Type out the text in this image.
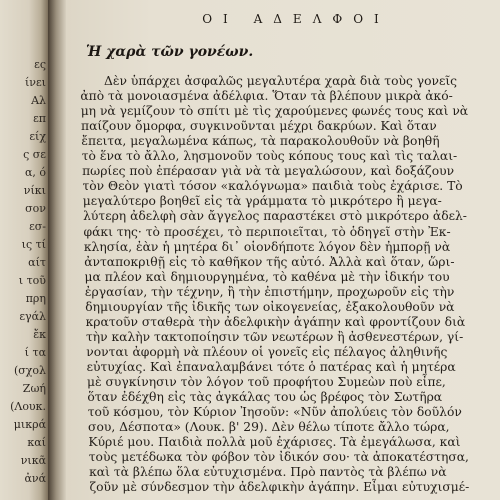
ες
ίνει
Αλ
επ
είχ
ς σε
α, ό
νίκι
σον
εσ-
ις τί
αίτ
ι τοῦ
πρη
εγάλ
ἔκ
ί τα
(σχολ
Ζωή
(Λουκ.
μικρά
καί
νικᾶ
ἀνά
ΟΙ ΑΔΕΛΦΟΙ
Ἡ χαρὰ τῶν γονέων.
Δὲν ὑπάρχει ἀσφαλῶς μεγαλυτέρα χαρὰ διὰ τοὺς γονεῖς
ἀπὸ τὰ μονοιασμένα ἀδέλφια. Ὅταν τὰ βλέπουν μικρὰ ἀκό-
μη νὰ γεμίζουν τὸ σπίτι μὲ τὶς χαρούμενες φωνές τους καὶ νὰ
παίζουν ὄμορφα, συγκινοῦνται μέχρι δακρύων. Καὶ ὅταν
ἔπειτα, μεγαλωμένα κάπως, τὰ παρακολουθοῦν νὰ βοηθῆ
τὸ ἕνα τὸ ἄλλο, λησμονοῦν τοὺς κόπους τους καὶ τὶς ταλαι-
πωρίες ποὺ ἐπέρασαν γιὰ νὰ τὰ μεγαλώσουν, καὶ δοξάζουν
τὸν Θεὸν γιατὶ τόσον «καλόγνωμα» παιδιὰ τοὺς ἐχάρισε. Τὸ
μεγαλύτερο βοηθεῖ εἰς τὰ γράμματα τὸ μικρότερο ἢ μεγα-
λύτερη ἀδελφὴ σὰν ἄγγελος παραστέκει στὸ μικρότερο ἀδελ-
φάκι της· τὸ προσέχει, τὸ περιποιεῖται, τὸ ὁδηγεῖ στὴν Ἐκ-
κλησία, ἐὰν ἡ μητέρα δι᾽ οἱονδήποτε λόγον δὲν ἠμπορῇ νὰ
ἀνταποκριθῇ εἰς τὸ καθῆκον τῆς αὐτό. Ἀλλὰ καὶ ὅταν, ὥρι-
μα πλέον καὶ δημιουργημένα, τὸ καθένα μὲ τὴν ἰδικήν του
ἐργασίαν, τὴν τέχνην, ἢ τὴν ἐπιστήμην, προχωροῦν εἰς τὴν
δημιουργίαν τῆς ἰδικῆς των οἰκογενείας, ἐξακολουθοῦν νὰ
κρατοῦν σταθερὰ τὴν ἀδελφικὴν ἀγάπην καὶ φροντίζουν διὰ
τὴν καλὴν τακτοποίησιν τῶν νεωτέρων ἢ ἀσθενεστέρων, γί-
νονται ἀφορμὴ νὰ πλέουν οἱ γονεῖς εἰς πέλαγος ἀληθινῆς
εὐτυχίας. Καὶ ἐπαναλαμβάνει τότε ὁ πατέρας καὶ ἡ μητέρα
μὲ συγκίνησιν τὸν λόγον τοῦ προφήτου Συμεὼν ποὺ εἶπε,
ὅταν ἐδέχθη εἰς τὰς ἀγκάλας του ὡς βρέφος τὸν Σωτῆρα
τοῦ κόσμου, τὸν Κύριον Ἰησοῦν: «Νῦν ἀπολύεις τὸν δοῦλόν
σου, Δέσποτα» (Λουκ. β' 29). Δὲν θέλω τίποτε ἄλλο τώρα,
Κύριέ μου. Παιδιὰ πολλὰ μοῦ ἐχάρισες. Τὰ ἐμεγάλωσα, καὶ
τοὺς μετέδωκα τὸν φόβον τὸν ἰδικόν σου· τὰ ἀποκατέστησα,
καὶ τὰ βλέπω ὅλα εὐτυχισμένα. Πρὸ παντὸς τὰ βλέπω νὰ
ζοῦν μὲ σύνδεσμον τὴν ἀδελφικὴν ἀγάπην. Εἶμαι εὐτυχισμέ-
